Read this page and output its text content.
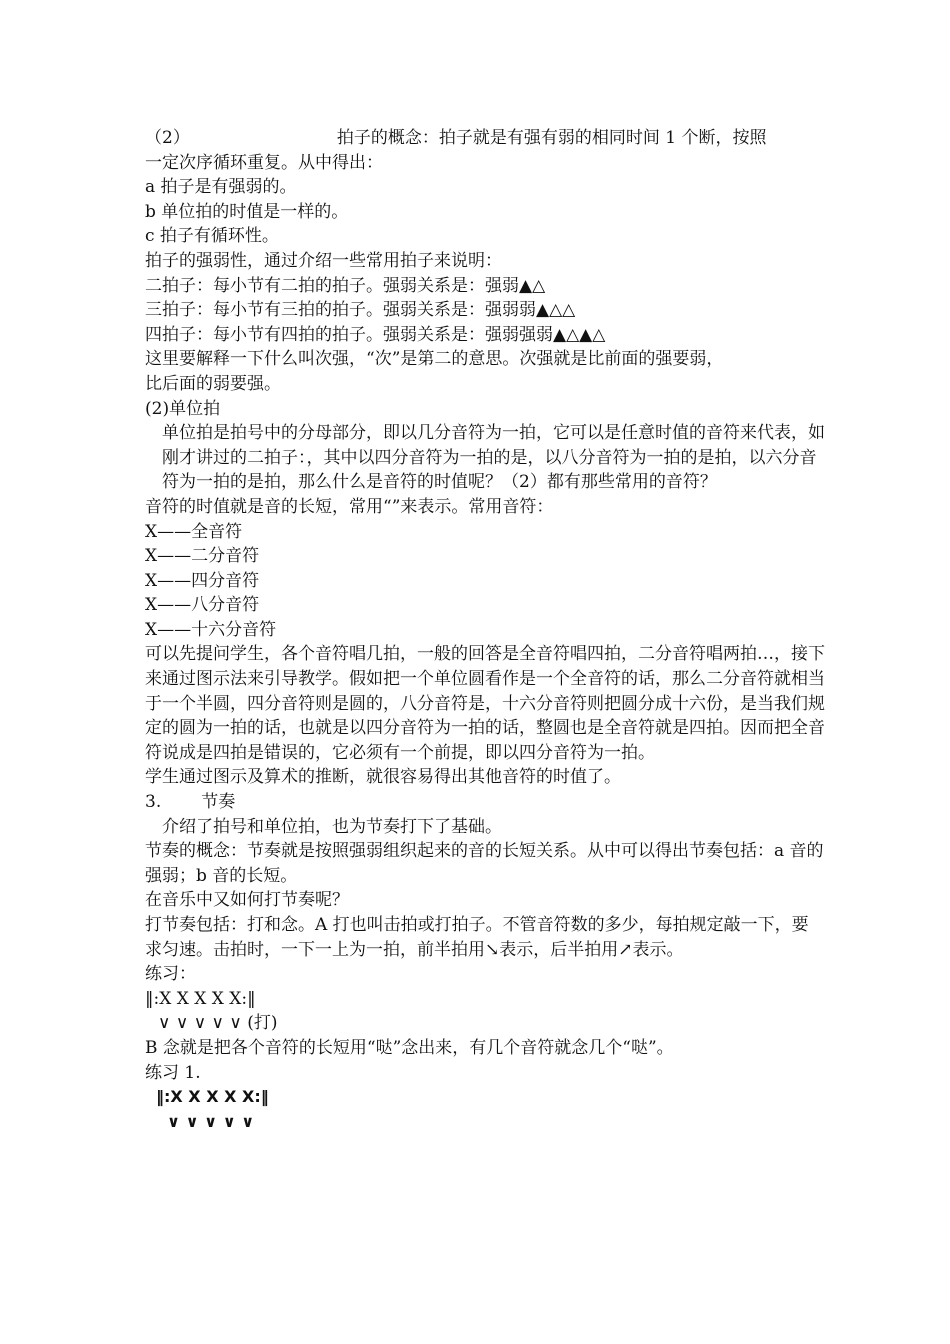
（2）	拍子的概念：拍子就是有强有弱的相同时间 1 个断，按照

一定次序循环重复。从中得出：

a 拍子是有强弱的。

b 单位拍的时值是一样的。

c 拍子有循环性。

拍子的强弱性，通过介绍一些常用拍子来说明：

二拍子：每小节有二拍的拍子。强弱关系是：强弱▲△

三拍子：每小节有三拍的拍子。强弱关系是：强弱弱▲△△

四拍子：每小节有四拍的拍子。强弱关系是：强弱强弱▲△▲△

这里要解释一下什么叫次强，“次”是第二的意思。次强就是比前面的强要弱，

比后面的弱要强。

(2)单位拍

单位拍是拍号中的分母部分，即以几分音符为一拍，它可以是任意时值的音符来代表，如刚才讲过的二拍子：，其中以四分音符为一拍的是，以八分音符为一拍的是拍，以六分音符为一拍的是拍，那么什么是音符的时值呢？（2）都有那些常用的音符？

音符的时值就是音的长短，常用“”来表示。常用音符：

X——全音符

X——二分音符

X——四分音符

X——八分音符

X——十六分音符

可以先提问学生，各个音符唱几拍，一般的回答是全音符唱四拍，二分音符唱两拍…，接下来通过图示法来引导教学。假如把一个单位圆看作是一个全音符的话，那么二分音符就相当于一个半圆，四分音符则是圆的，八分音符是，十六分音符则把圆分成十六份，是当我们规定的圆为一拍的话，也就是以四分音符为一拍的话，整圆也是全音符就是四拍。因而把全音符说成是四拍是错误的，它必须有一个前提，即以四分音符为一拍。

学生通过图示及算术的推断，就很容易得出其他音符的时值了。

3. 节奏

介绍了拍号和单位拍，也为节奏打下了基础。

节奏的概念：节奏就是按照强弱组织起来的音的长短关系。从中可以得出节奏包括：a 音的强弱；b 音的长短。

在音乐中又如何打节奏呢？

打节奏包括：打和念。A 打也叫击拍或打拍子。不管音符数的多少，每拍规定敲一下，要求匀速。击拍时，一下一上为一拍，前半拍用↘表示，后半拍用↗表示。

练习：

‖:X X X X X:‖

∨ ∨ ∨ ∨ ∨ (打)

B 念就是把各个音符的长短用“哒”念出来，有几个音符就念几个“哒”。

练习 1.

‖:X X X X X:‖

∨ ∨ ∨ ∨ ∨
